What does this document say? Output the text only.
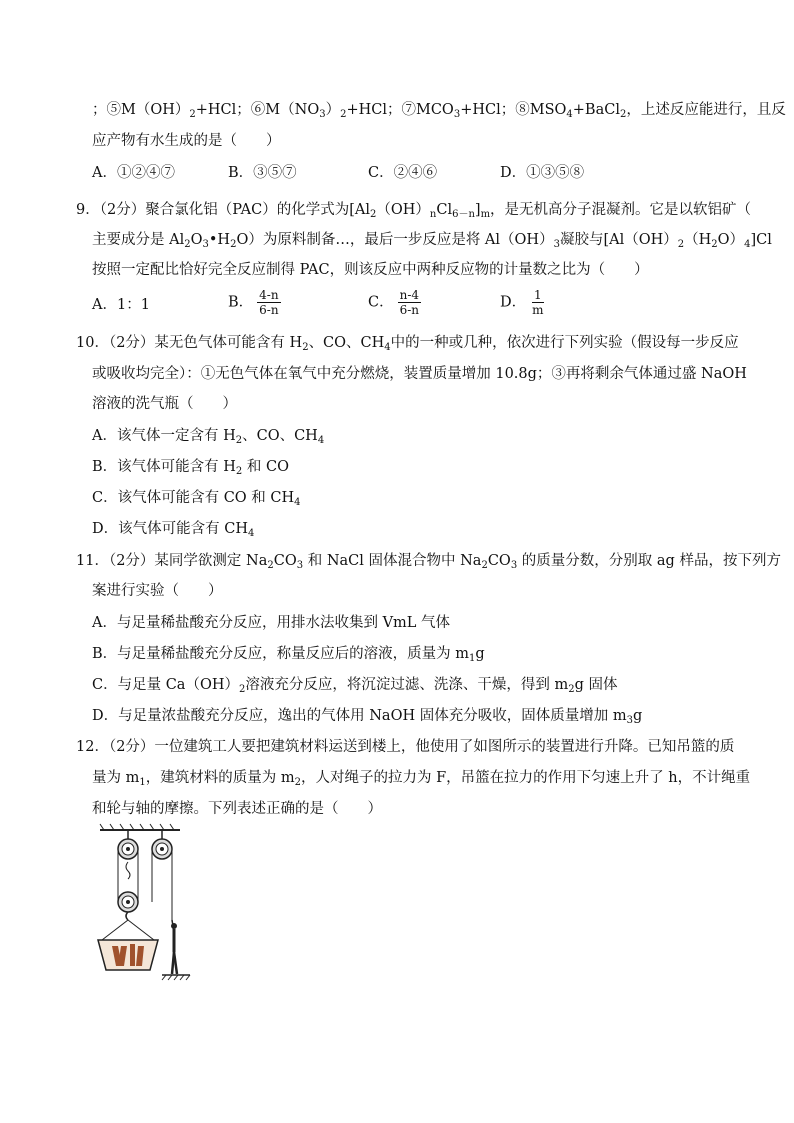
；$⑤M(OH)_2+HCl$；$⑥M(NO_3)_2+HCl$；$⑦MCO_3+HCl$；$⑧MSO_4+BaCl_2$，上述反应能进行，且反
应产物有水生成的是（　　）
A．①②④⑦	B．③⑤⑦	C．②④⑥	D．①③⑤⑧
9．（2分）聚合氯化铝（PAC）的化学式为$[Al_2(OH)_nCl_{6-n}]_m$，是无机高分子混凝剂。它是以软铝矿（
主要成分是 $Al_2O_3•H_2O$）为原料制备…，最后一步反应是将 $Al(OH)_3$凝胶与$[Al(OH)_2(H_2O)_4]Cl$
按照一定配比恰好完全反应制得 PAC，则该反应中两种反应物的计量数之比为（　　）
A．1：1	B． $\frac{4-n}{6-n}$	C． $\frac{n-4}{6-n}$	D． $\frac{1}{m}$
10．（2分）某无色气体可能含有 $H_2$、CO、$CH_4$中的一种或几种，依次进行下列实验（假设每一步反应
或吸收均完全）：①无色气体在氧气中充分燃烧，装置质量增加 10.8g；③再将剩余气体通过盛 NaOH
溶液的洗气瓶（　　）
A．该气体一定含有 $H_2$、CO、$CH_4$
B．该气体可能含有 $H_2$ 和 CO
C．该气体可能含有 CO 和 $CH_4$
D．该气体可能含有 $CH_4$
11．（2分）某同学欲测定 $Na_2CO_3$ 和 NaCl 固体混合物中 $Na_2CO_3$ 的质量分数，分别取 ag 样品，按下列方
案进行实验（　　）
A．与足量稀盐酸充分反应，用排水法收集到 VmL 气体
B．与足量稀盐酸充分反应，称量反应后的溶液，质量为 $m_1g$
C．与足量 $Ca(OH)_2$溶液充分反应，将沉淀过滤、洗涤、干燥，得到 $m_2g$ 固体
D．与足量浓盐酸充分反应，逸出的气体用 NaOH 固体充分吸收，固体质量增加 $m_3g$
12．（2分）一位建筑工人要把建筑材料运送到楼上，他使用了如图所示的装置进行升降。已知吊篮的质
量为 $m_1$，建筑材料的质量为 $m_2$，人对绳子的拉力为 F，吊篮在拉力的作用下匀速上升了 h，不计绳重
和轮与轴的摩擦。下列表述正确的是（　　）
